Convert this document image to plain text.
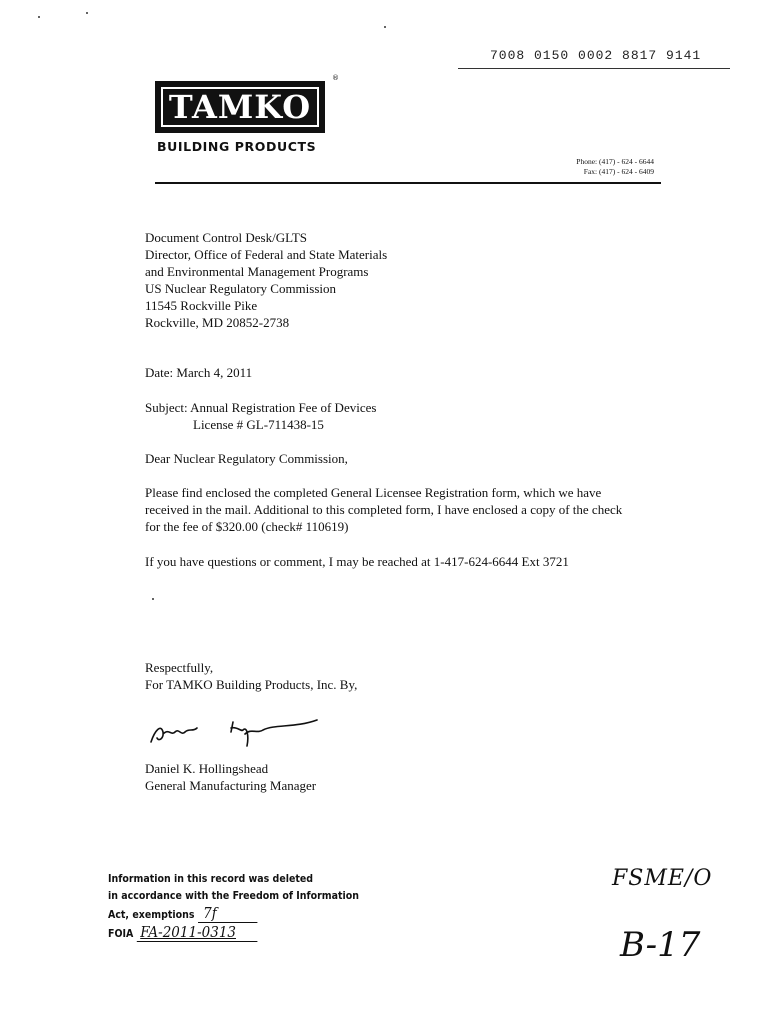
7008 0150 0002 8817 9141
TAMKO
®
BUILDING PRODUCTS
Phone: (417) - 624 - 6644
Fax: (417) - 624 - 6409
Document Control Desk/GLTS
Director, Office of Federal and State Materials
and Environmental Management Programs
US Nuclear Regulatory Commission
11545 Rockville Pike
Rockville, MD 20852-2738
Date: March 4, 2011
Subject: Annual Registration Fee of Devices
License # GL-711438-15
Dear Nuclear Regulatory Commission,
Please find enclosed the completed General Licensee Registration form, which we have
received in the mail. Additional to this completed form, I have enclosed a copy of the check
for the fee of $320.00 (check# 110619)
If you have questions or comment, I may be reached at 1-417-624-6644 Ext 3721
Respectfully,
For TAMKO Building Products, Inc. By,
Daniel K. Hollingshead
General Manufacturing Manager
Information in this record was deleted
in accordance with the Freedom of Information
Act, exemptions 7f
FOIA FA-2011-0313
FSME/O
B-17
